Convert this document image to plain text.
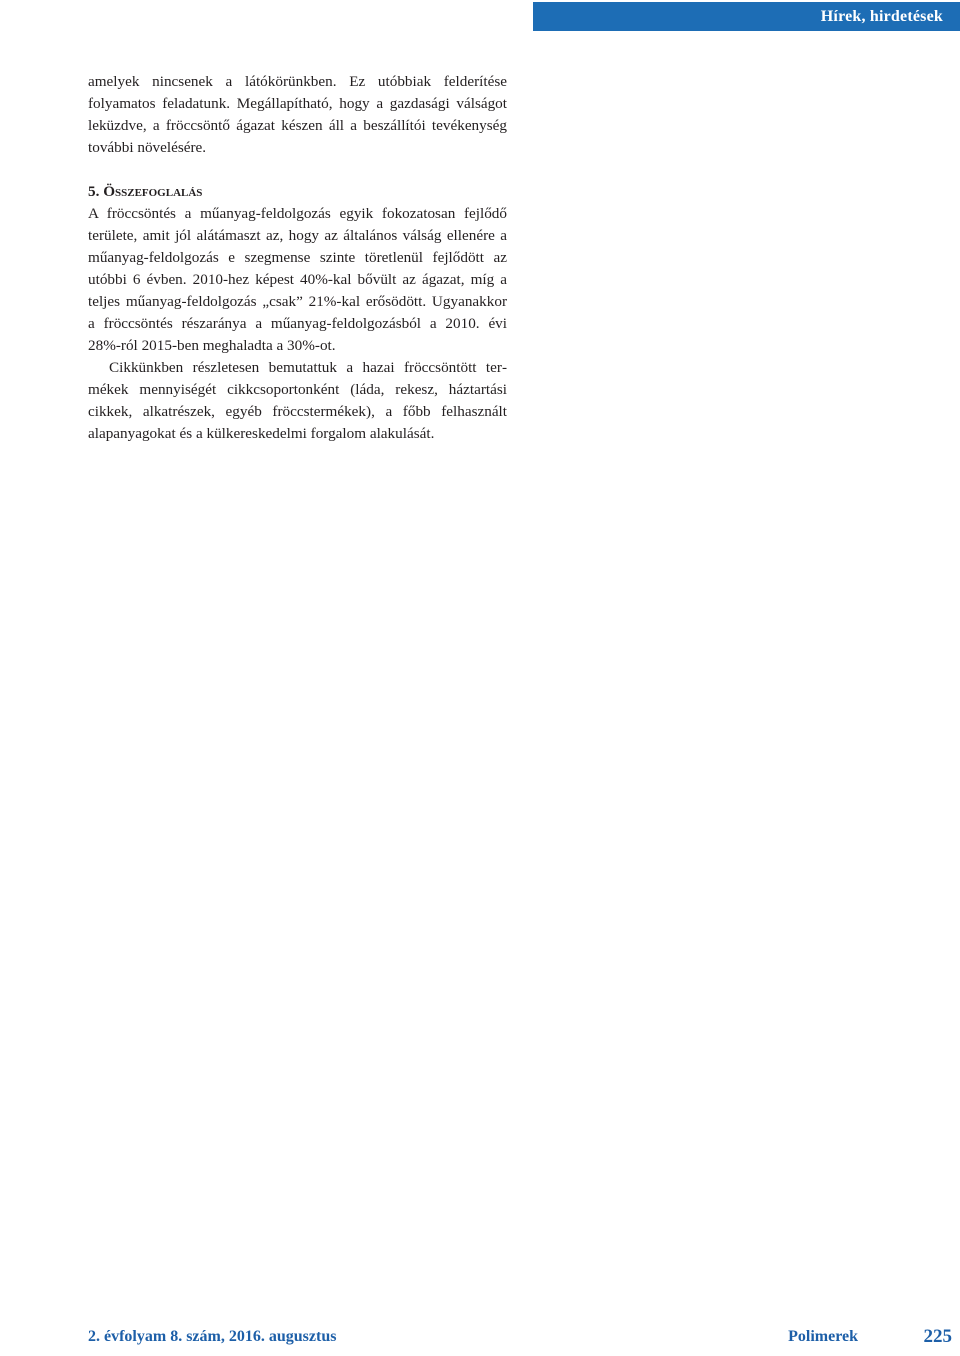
Hírek, hirdetések

amelyek nincsenek a látókörünkben. Ez utóbbiak felderítése folyamatos feladatunk. Megállapítható, hogy a gazdasági válságot leküzdve, a fröccsöntő ágazat készen áll a beszállítói tevékenység további növelésére.

5. Összefoglalás

A fröccsöntés a műanyag-feldolgozás egyik fokozatosan fejlődő területe, amit jól alátámaszt az, hogy az általános válság ellenére a műanyag-feldolgozás e szegmense szinte töretlenül fejlődött az utóbbi 6 évben. 2010-hez képest 40%-kal bővült az ágazat, míg a teljes műanyag-feldolgozás „csak” 21%-kal erősödött. Ugyanakkor a fröccsöntés részaránya a műanyag-feldolgozásból a 2010. évi 28%-ról 2015-ben meghaladta a 30%-ot.

Cikkünkben részletesen bemutattuk a hazai fröccsöntött termékek mennyiségét cikkcsoportonként (láda, rekesz, háztartási cikkek, alkatrészek, egyéb fröccstermékek), a főbb felhasznált alapanyagokat és a külkereskedelmi forgalom alakulását.

2. évfolyam 8. szám, 2016. augusztus	Polimerek	225
